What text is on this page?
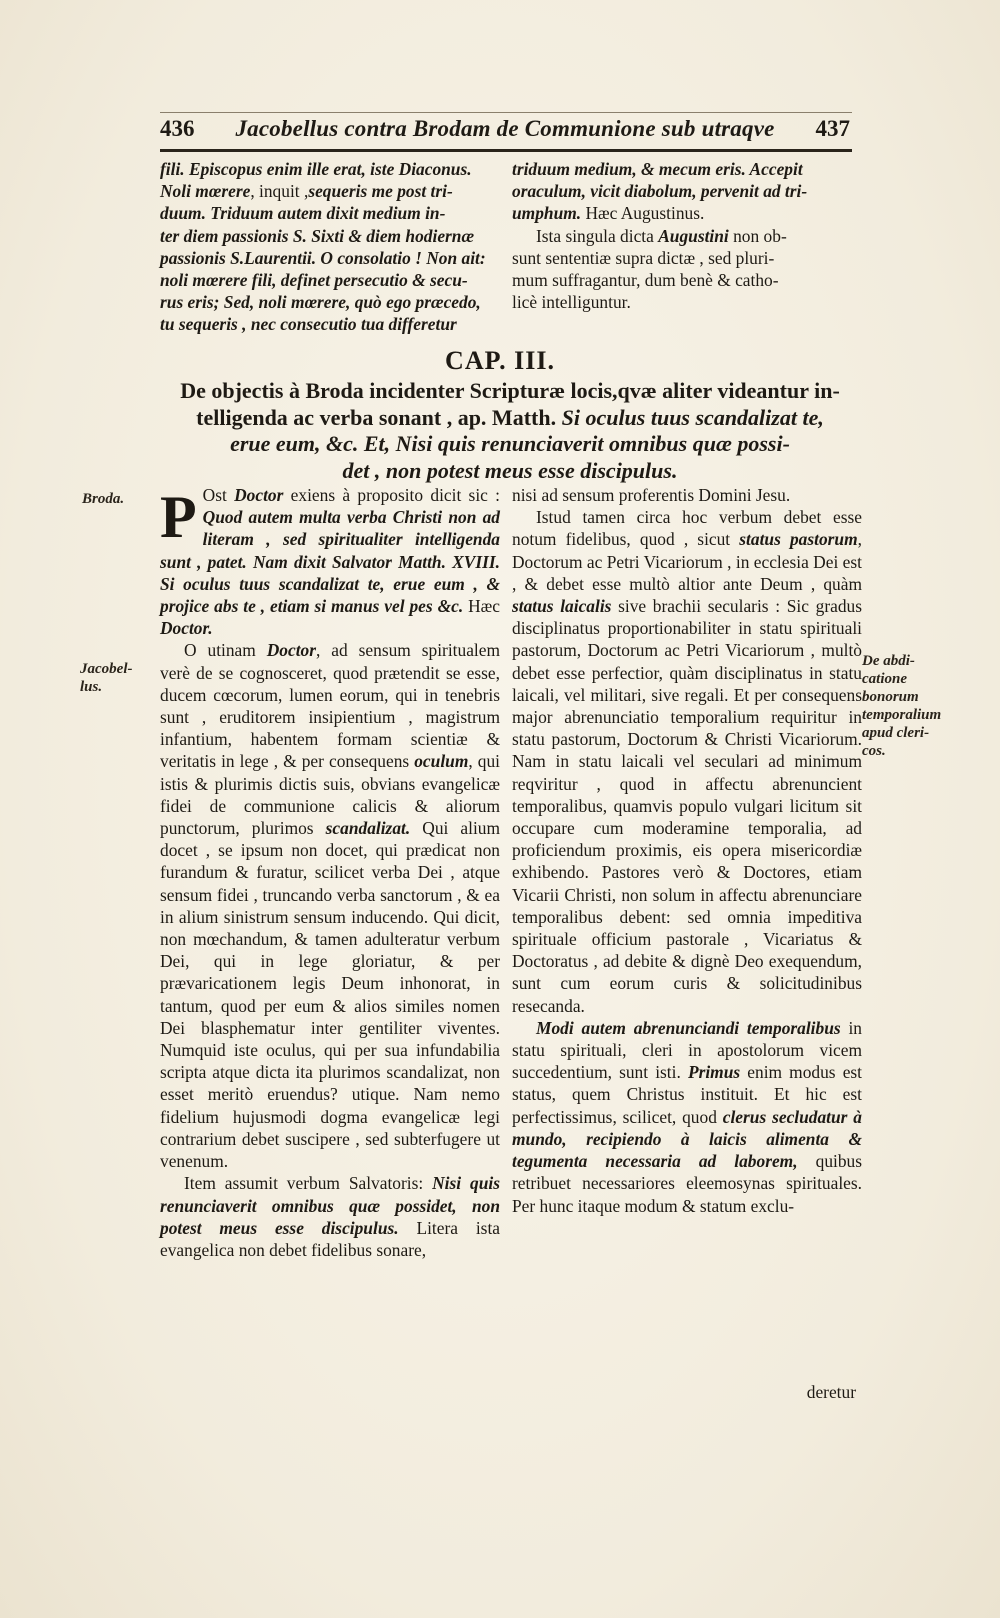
436 Jacobellus contra Brodam de Communione sub utraqve 437

fili. Episcopus enim ille erat, iste Diaconus.

Noli mœrere, inquit ,sequeris me post tri-

duum. Triduum autem dixit medium in-

ter diem passionis S. Sixti & diem hodiernæ

passionis S.Laurentii. O consolatio ! Non ait:

noli mœrere fili, definet persecutio & secu-

rus eris; Sed, noli mœrere, quò ego præcedo,

tu sequeris , nec consecutio tua differetur

triduum medium, & mecum eris. Accepit

oraculum, vicit diabolum, pervenit ad tri-

umphum. Hæc Augustinus.

Ista singula dicta Augustini non ob-

sunt sententiæ supra dictæ , sed pluri-

mum suffragantur, dum benè & catho-

licè intelliguntur.

CAP. III.
De objectis à Broda incidenter Scripturæ locis,qvæ aliter videantur in-
telligenda ac verba sonant , ap. Matth. Si oculus tuus scandalizat te,
erue eum, &c. Et, Nisi quis renunciaverit omnibus quæ possi-
det , non potest meus esse discipulus.
Broda.
Jacobel-lus.
De abdi-catione bonorum temporalium apud cleri-cos.

P Ost Doctor exiens à proposito dicit sic : Quod autem multa verba Christi non ad literam , sed spiritualiter intelligenda sunt , patet. Nam dixit Salvator Matth. XVIII. Si oculus tuus scandalizat te, erue eum , & projice abs te , etiam si manus vel pes &c. Hæc Doctor.

O utinam Doctor, ad sensum spiritualem verè de se cognosceret, quod prætendit se esse, ducem cœcorum, lumen eorum, qui in tenebris sunt , eruditorem insipientium , magistrum infantium, habentem formam scientiæ & veritatis in lege , & per consequens oculum, qui istis & plurimis dictis suis, obvians evangelicæ fidei de communione calicis & aliorum punctorum, plurimos scandalizat. Qui alium docet , se ipsum non docet, qui prædicat non furandum & furatur, scilicet verba Dei , atque sensum fidei , truncando verba sanctorum , & ea in alium sinistrum sensum inducendo. Qui dicit, non mœchandum, & tamen adulteratur verbum Dei, qui in lege gloriatur, & per prævaricationem legis Deum inhonorat, in tantum, quod per eum & alios similes nomen Dei blasphematur inter gentiliter viventes. Numquid iste oculus, qui per sua infundabilia scripta atque dicta ita plurimos scandalizat, non esset meritò eruendus? utique. Nam nemo fidelium hujusmodi dogma evangelicæ legi contrarium debet suscipere , sed subterfugere ut venenum.

Item assumit verbum Salvatoris: Nisi quis renunciaverit omnibus quæ possidet, non potest meus esse discipulus. Litera ista evangelica non debet fidelibus sonare,

nisi ad sensum proferentis Domini Jesu.

Istud tamen circa hoc verbum debet esse notum fidelibus, quod , sicut status pastorum, Doctorum ac Petri Vicariorum , in ecclesia Dei est , & debet esse multò altior ante Deum , quàm status laicalis sive brachii secularis : Sic gradus disciplinatus proportionabiliter in statu spirituali pastorum, Doctorum ac Petri Vicariorum , multò debet esse perfectior, quàm disciplinatus in statu laicali, vel militari, sive regali. Et per consequens major abrenunciatio temporalium requiritur in statu pastorum, Doctorum & Christi Vicariorum. Nam in statu laicali vel seculari ad minimum reqviritur , quod in affectu abrenuncient temporalibus, quamvis populo vulgari licitum sit occupare cum moderamine temporalia, ad proficiendum proximis, eis opera misericordiæ exhibendo. Pastores verò & Doctores, etiam Vicarii Christi, non solum in affectu abrenunciare temporalibus debent: sed omnia impeditiva spirituale officium pastorale , Vicariatus & Doctoratus , ad debite & dignè Deo exequendum, sunt cum eorum curis & solicitudinibus resecanda.

Modi autem abrenunciandi temporalibus in statu spirituali, cleri in apostolorum vicem succedentium, sunt isti. Primus enim modus est status, quem Christus instituit. Et hic est perfectissimus, scilicet, quod clerus secludatur à mundo, recipiendo à laicis alimenta & tegumenta necessaria ad laborem, quibus retribuet necessariores eleemosynas spirituales. Per hunc itaque modum & statum exclu-

deretur
